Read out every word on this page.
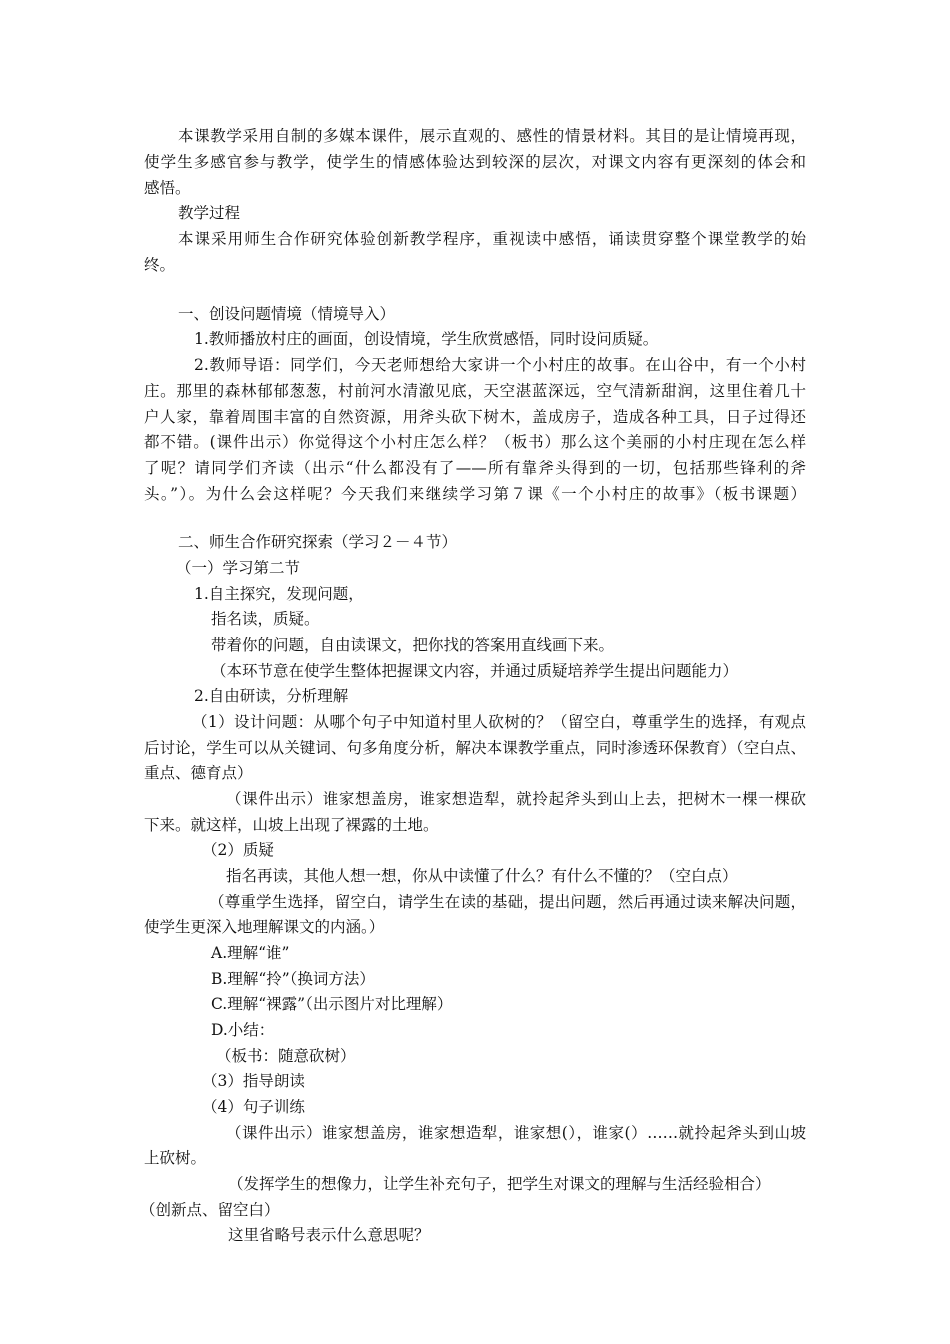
本课教学采用自制的多媒本课件，展示直观的、感性的情景材料。其目的是让情境再现，
使学生多感官参与教学，使学生的情感体验达到较深的层次，对课文内容有更深刻的体会和
感悟。
教学过程
本课采用师生合作研究体验创新教学程序，重视读中感悟，诵读贯穿整个课堂教学的始
终。
一、创设问题情境（情境导入）
1.教师播放村庄的画面，创设情境，学生欣赏感悟，同时设问质疑。
2.教师导语：同学们，今天老师想给大家讲一个小村庄的故事。在山谷中，有一个小村
庄。那里的森林郁郁葱葱，村前河水清澈见底，天空湛蓝深远，空气清新甜润，这里住着几十
户人家，靠着周围丰富的自然资源，用斧头砍下树木，盖成房子，造成各种工具，日子过得还
都不错。(课件出示）你觉得这个小村庄怎么样？（板书）那么这个美丽的小村庄现在怎么样
了呢？请同学们齐读（出示“什么都没有了——所有靠斧头得到的一切，包括那些锋利的斧
头。”）。为什么会这样呢？今天我们来继续学习第７课《一个小村庄的故事》（板书课题）
二、师生合作研究探索（学习２－４节）
（一）学习第二节
1.自主探究，发现问题，
指名读，质疑。
带着你的问题，自由读课文，把你找的答案用直线画下来。
（本环节意在使学生整体把握课文内容，并通过质疑培养学生提出问题能力）
2.自由研读，分析理解
（1）设计问题：从哪个句子中知道村里人砍树的？（留空白，尊重学生的选择，有观点
后讨论，学生可以从关键词、句多角度分析，解决本课教学重点，同时渗透环保教育）（空白点、
重点、德育点）
（课件出示）谁家想盖房，谁家想造犁，就拎起斧头到山上去，把树木一棵一棵砍
下来。就这样，山坡上出现了裸露的土地。
（2）质疑
指名再读，其他人想一想，你从中读懂了什么？有什么不懂的？（空白点）
（尊重学生选择，留空白，请学生在读的基础，提出问题，然后再通过读来解决问题，
使学生更深入地理解课文的内涵。）
A.理解“谁”
B.理解“拎”（换词方法）
C.理解“裸露”（出示图片对比理解）
D.小结：
（板书：随意砍树）
（3）指导朗读
（4）句子训练
（课件出示）谁家想盖房，谁家想造犁，谁家想(），谁家(）……就拎起斧头到山坡
上砍树。
（发挥学生的想像力，让学生补充句子，把学生对课文的理解与生活经验相合）
（创新点、留空白）
这里省略号表示什么意思呢？
